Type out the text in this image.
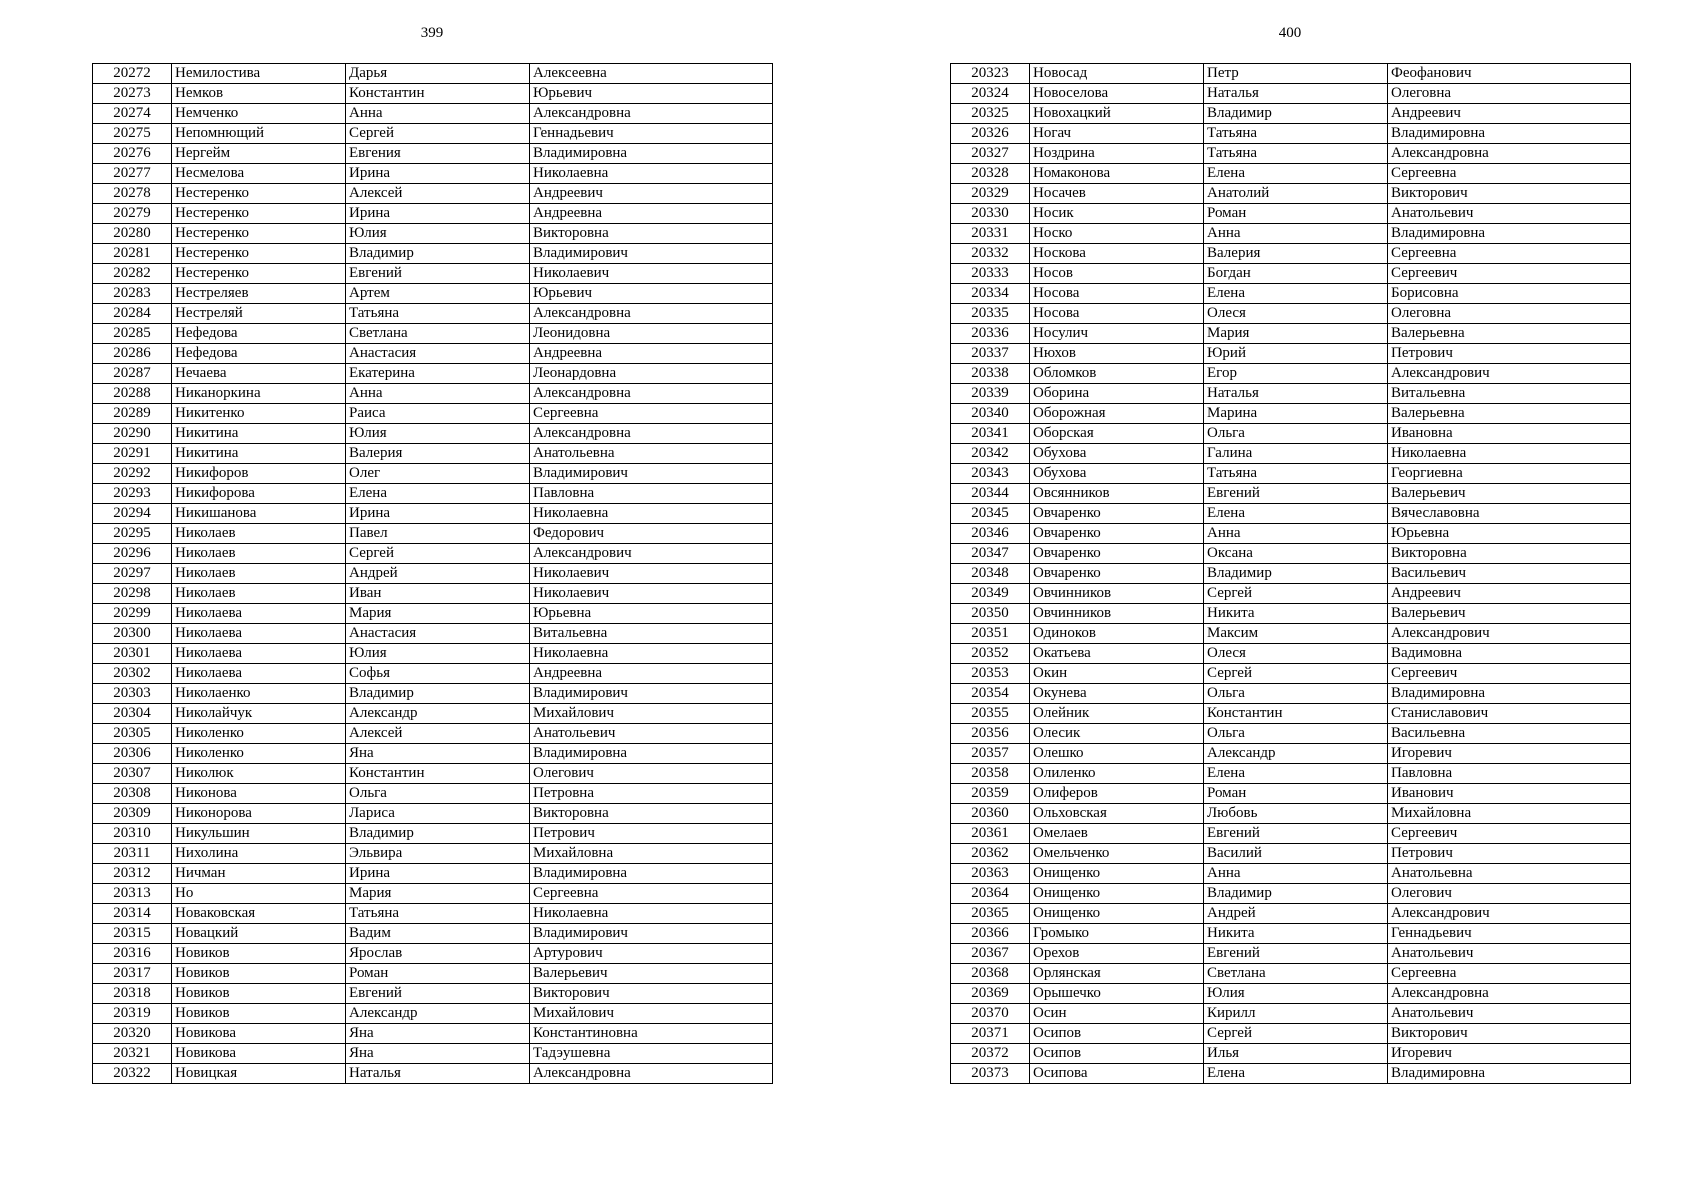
399
20272	Немилостива	Дарья	Алексеевна
20273	Немков	Константин	Юрьевич
20274	Немченко	Анна	Александровна
20275	Непомнющий	Сергей	Геннадьевич
20276	Нергейм	Евгения	Владимировна
20277	Несмелова	Ирина	Николаевна
20278	Нестеренко	Алексей	Андреевич
20279	Нестеренко	Ирина	Андреевна
20280	Нестеренко	Юлия	Викторовна
20281	Нестеренко	Владимир	Владимирович
20282	Нестеренко	Евгений	Николаевич
20283	Нестреляев	Артем	Юрьевич
20284	Нестреляй	Татьяна	Александровна
20285	Нефедова	Светлана	Леонидовна
20286	Нефедова	Анастасия	Андреевна
20287	Нечаева	Екатерина	Леонардовна
20288	Никаноркина	Анна	Александровна
20289	Никитенко	Раиса	Сергеевна
20290	Никитина	Юлия	Александровна
20291	Никитина	Валерия	Анатольевна
20292	Никифоров	Олег	Владимирович
20293	Никифорова	Елена	Павловна
20294	Никишанова	Ирина	Николаевна
20295	Николаев	Павел	Федорович
20296	Николаев	Сергей	Александрович
20297	Николаев	Андрей	Николаевич
20298	Николаев	Иван	Николаевич
20299	Николаева	Мария	Юрьевна
20300	Николаева	Анастасия	Витальевна
20301	Николаева	Юлия	Николаевна
20302	Николаева	Софья	Андреевна
20303	Николаенко	Владимир	Владимирович
20304	Николайчук	Александр	Михайлович
20305	Николенко	Алексей	Анатольевич
20306	Николенко	Яна	Владимировна
20307	Николюк	Константин	Олегович
20308	Никонова	Ольга	Петровна
20309	Никонорова	Лариса	Викторовна
20310	Никульшин	Владимир	Петрович
20311	Нихолина	Эльвира	Михайловна
20312	Ничман	Ирина	Владимировна
20313	Но	Мария	Сергеевна
20314	Новаковская	Татьяна	Николаевна
20315	Новацкий	Вадим	Владимирович
20316	Новиков	Ярослав	Артурович
20317	Новиков	Роман	Валерьевич
20318	Новиков	Евгений	Викторович
20319	Новиков	Александр	Михайлович
20320	Новикова	Яна	Константиновна
20321	Новикова	Яна	Тадэушевна
20322	Новицкая	Наталья	Александровна
400
20323	Новосад	Петр	Феофанович
20324	Новоселова	Наталья	Олеговна
20325	Новохацкий	Владимир	Андреевич
20326	Ногач	Татьяна	Владимировна
20327	Ноздрина	Татьяна	Александровна
20328	Номаконова	Елена	Сергеевна
20329	Носачев	Анатолий	Викторович
20330	Носик	Роман	Анатольевич
20331	Носко	Анна	Владимировна
20332	Носкова	Валерия	Сергеевна
20333	Носов	Богдан	Сергеевич
20334	Носова	Елена	Борисовна
20335	Носова	Олеся	Олеговна
20336	Носулич	Мария	Валерьевна
20337	Нюхов	Юрий	Петрович
20338	Обломков	Егор	Александрович
20339	Оборина	Наталья	Витальевна
20340	Оборожная	Марина	Валерьевна
20341	Оборская	Ольга	Ивановна
20342	Обухова	Галина	Николаевна
20343	Обухова	Татьяна	Георгиевна
20344	Овсянников	Евгений	Валерьевич
20345	Овчаренко	Елена	Вячеславовна
20346	Овчаренко	Анна	Юрьевна
20347	Овчаренко	Оксана	Викторовна
20348	Овчаренко	Владимир	Васильевич
20349	Овчинников	Сергей	Андреевич
20350	Овчинников	Никита	Валерьевич
20351	Одиноков	Максим	Александрович
20352	Окатьева	Олеся	Вадимовна
20353	Окин	Сергей	Сергеевич
20354	Окунева	Ольга	Владимировна
20355	Олейник	Константин	Станиславович
20356	Олесик	Ольга	Васильевна
20357	Олешко	Александр	Игоревич
20358	Олиленко	Елена	Павловна
20359	Олиферов	Роман	Иванович
20360	Ольховская	Любовь	Михайловна
20361	Омелаев	Евгений	Сергеевич
20362	Омельченко	Василий	Петрович
20363	Онищенко	Анна	Анатольевна
20364	Онищенко	Владимир	Олегович
20365	Онищенко	Андрей	Александрович
20366	Громыко	Никита	Геннадьевич
20367	Орехов	Евгений	Анатольевич
20368	Орлянская	Светлана	Сергеевна
20369	Орышечко	Юлия	Александровна
20370	Осин	Кирилл	Анатольевич
20371	Осипов	Сергей	Викторович
20372	Осипов	Илья	Игоревич
20373	Осипова	Елена	Владимировна
